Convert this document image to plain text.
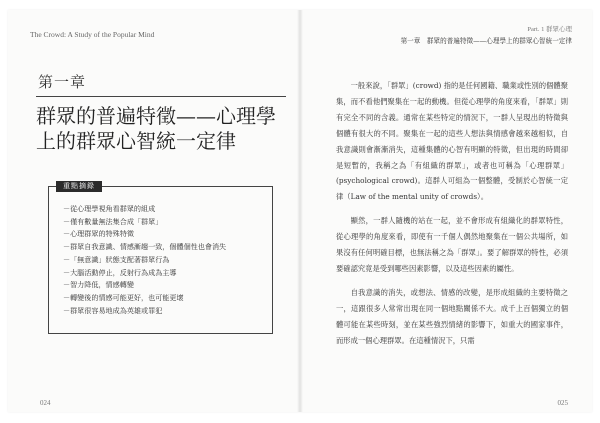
The Crowd: A Study of the Popular Mind
第一章
群眾的普遍特徵——心理學上的群眾心智統一定律
－從心理學視角看群眾的組成
－僅有數量無法集合成「群眾」
－心理群眾的特殊特徵
－群眾自我意識、情感漸趨一致，個體個性也會消失
－「無意識」狀態支配著群眾行為
－大腦活動停止，反射行為成為主導
－智力降低，情感轉變
－轉變後的情感可能更好，也可能更壞
－群眾很容易地成為英雄或罪犯
重點摘錄
024
Part. 1 群眾心理
第一章　群眾的普遍特徵——心理學上的群眾心智統一定律

一般來說，「群眾」(crowd) 指的是任何國籍、職業或性別的個體聚集，而不看他們聚集在一起的動機。但從心理學的角度來看，「群眾」則有完全不同的含義。通常在某些特定的情況下，一群人呈現出的特徵與個體有很大的不同。聚集在一起的這些人想法與情感會越來越相似，自我意識則會漸漸消失，這種集體的心智有明顯的特徵，但出現的時間卻是短暫的，我稱之為「有組織的群眾」，或者也可稱為「心理群眾」(psychological crowd)。這群人可組為一個整體，受制於心智統一定律（Law of the mental unity of crowds）。

顯然，一群人隨機的站在一起，並不會形成有組織化的群眾特性，從心理學的角度來看，即使有一千個人偶然地聚集在一個公共場所，如果沒有任何明確目標，也無法稱之為「群眾」。要了解群眾的特性，必須要確認究竟是受到哪些因素影響，以及這些因素的屬性。

自我意識的消失，或想法、情感的改變，是形成組織的主要特徵之一，這跟很多人常常出現在同一個地點關係不大。成千上百個獨立的個體可能在某些時刻，並在某些強烈情緒的影響下，如重大的國家事件，而形成一個心理群眾。在這種情況下，只需

025
